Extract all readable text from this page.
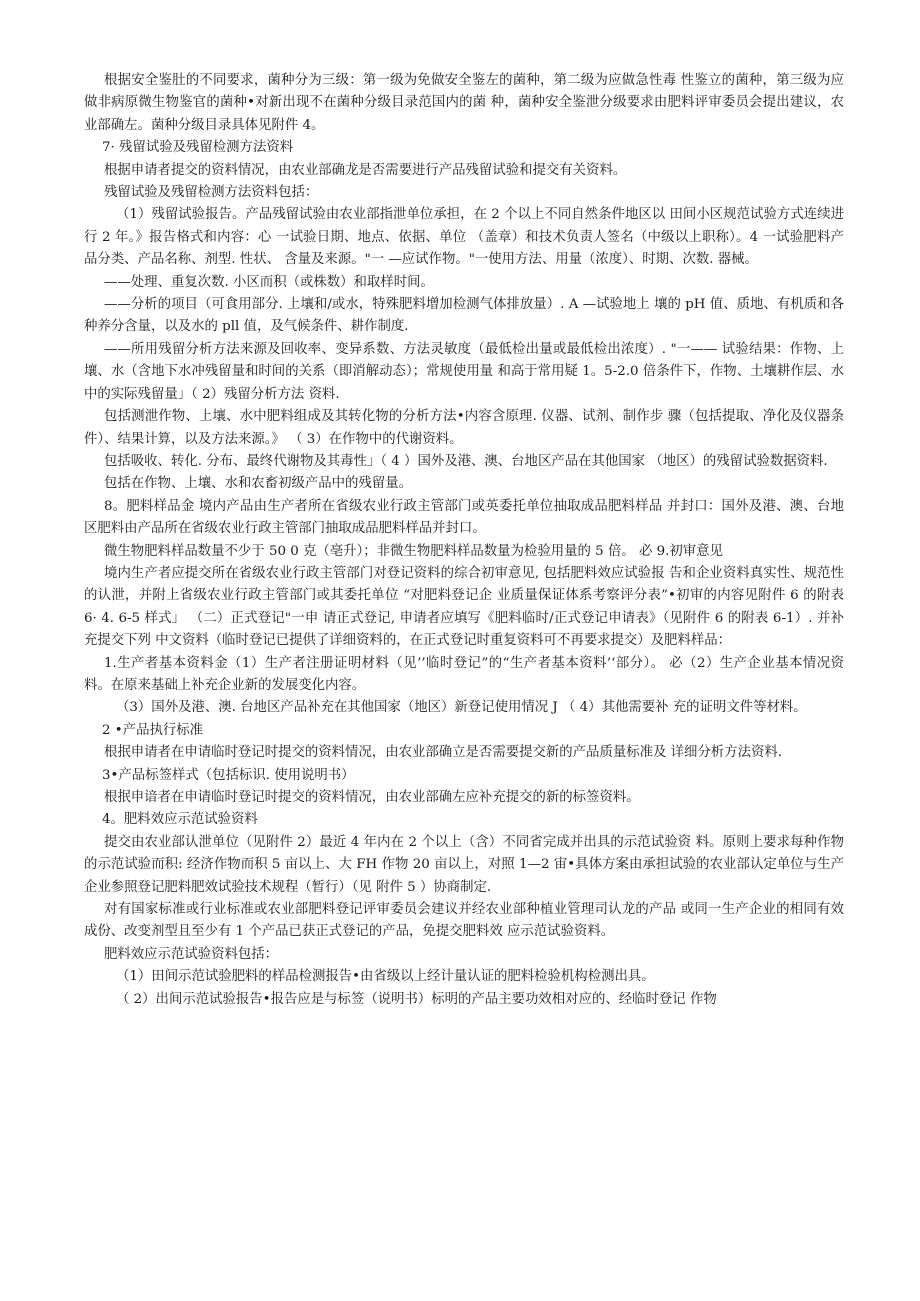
根据安全鉴肚的不同要求，菌种分为三级：第一级为免做安全鉴左的菌种，第二级为应做急性毒 性鉴立的菌种，第三级为应做非病原微生物鉴官的菌种•对新出现不在菌种分级目录范国内的菌 种，菌种安全鉴泄分级要求由肥料评审委员会提出建议，农业部确左。菌种分级目录具体见附件 4。

7· 残留试验及残留检测方法资料

根据申请者提交的资料情况，由农业部确龙是否需要进行产品残留试验和提交有关资料。

残留试验及残留检测方法资料包括：

（1）残留试验报告。产品残留试验由农业部指泄单位承担，在 2 个以上不同自然条件地区以 田间小区规范试验方式连续进行 2 年。》报告格式和内容：心 一试验日期、地点、依据、单位 （盖章）和技术负责人签名（中级以上职称）。4 一试验肥料产品分类、产品名称、剂型. 性状、 含量及来源。"一 —应试作物。"一使用方法、用量（浓度）、时期、次数. 器械。

——处理、重复次数. 小区而积（或株数）和取样时间。

——分析的项目（可食用部分. 上壤和/或水，特殊肥料增加检测气体排放量）. A —试验地上 壤的 pH 值、质地、有机质和各种养分含量，以及水的 pll 值，及气候条件、耕作制度.

——所用残留分析方法来源及回收率、变异系数、方法灵敏度（最低检出量或最低检出浓度）. "一—— 试验结果：作物、上壤、水（含地下水冲残留量和时间的关系（即消解动态）；常规使用量 和高于常用疑 1。5-2.0 倍条件下，作物、土壤耕作层、水中的实际残留量」（ 2）残留分析方法 资料.

包括测泄作物、上壤、水中肥料组成及其转化物的分析方法•内容含原理. 仪器、试剂、制作步 骤（包括提取、净化及仪器条件）、结果计算，以及方法来源。》 （ 3）在作物中的代谢资料。

包括吸收、转化. 分布、最终代谢物及其毒性」（ 4 ）国外及港、澳、台地区产品在其他国家 （地区）的残留试验数据资料.

包括在作物、上壤、水和农畜初级产品中的残留量。

8。肥料样品金 境内产品由生产者所在省级农业行政主管部门或英委托单位抽取成品肥料样品 并封口：国外及港、澳、台地区肥料由产品所在省级农业行政主管部门抽取成品肥料样品并封口。

微生物肥料样品数量不少于 50 0 克（亳升）；非微生物肥料样品数量为检验用量的 5 倍。 必 9.初审意见

境内生产者应提交所在省级农业行政主管部门对登记资料的综合初审意见, 包括肥料效应试验报 告和企业资料真实性、规范性的认泄，并附上省级农业行政主管部门或其委托单位 “对肥料登记企 业质量保证体系考察评分表”•初审的内容见附件 6 的附表 6· 4. 6-5 样式」 （二）正式登记"一申 请正式登记, 申请者应填写《肥料临时/正式登记申请表》（见附件 6 的附表 6-1）. 并补充提交下列 中文资料（临时登记已提供了详细资料的，在正式登记时重复资料可不再要求提交）及肥料样品：

1.生产者基本资料金（1）生产者注册证明材料（见’’临时登记”的“生产者基本资料’‘部分）。 必（2）生产企业基本情况资料。在原来基础上补充企业新的发展变化内容。

（3）国外及港、澳. 台地区产品补充在其他国家（地区）新登记使用情况 J （ 4）其他需要补 充的证明文件等材料。

2 •产品执行标准

根抿申请者在申请临时登记时提交的资料情况，由农业部确立是否需要提交新的产品质量标准及 详细分析方法资料.

3•产品标签样式（包括标识. 使用说明书）

根抿申谙者在申请临时登记时提交的资料情况，由农业部确左应补充提交的新的标签资料。

4。肥料效应示范试验资料

提交由农业部认泄单位（见附件 2）最近 4 年内在 2 个以上（含）不同省完成并出具的示范试验资 料。原则上要求每种作物的示范试验而积: 经济作物而积 5 亩以上、大 FH 作物 20 亩以上，对照 1—2 宙•具体方案由承担试验的农业部认定单位与生产企业参照登记肥料肥效试验技术规程（暂行）（见 附件 5 ）协商制定.

对有国家标准或行业标准或农业部肥料登记评审委员会建议并经农业部种植业管理司认龙的产品 或同一生产企业的相同有效成份、改变剂型且至少有 1 个产品已获正式登记的产品，免提交肥料效 应示范试验资料。

肥料效应示范试验资料包括：

（1）田间示范试验肥料的样品检测报告•由省级以上经计量认证的肥料检验机构检测出具。

（ 2）出间示范试验报告•报告应是与标签（说明书）标明的产品主要功效相对应的、经临时登记 作物
